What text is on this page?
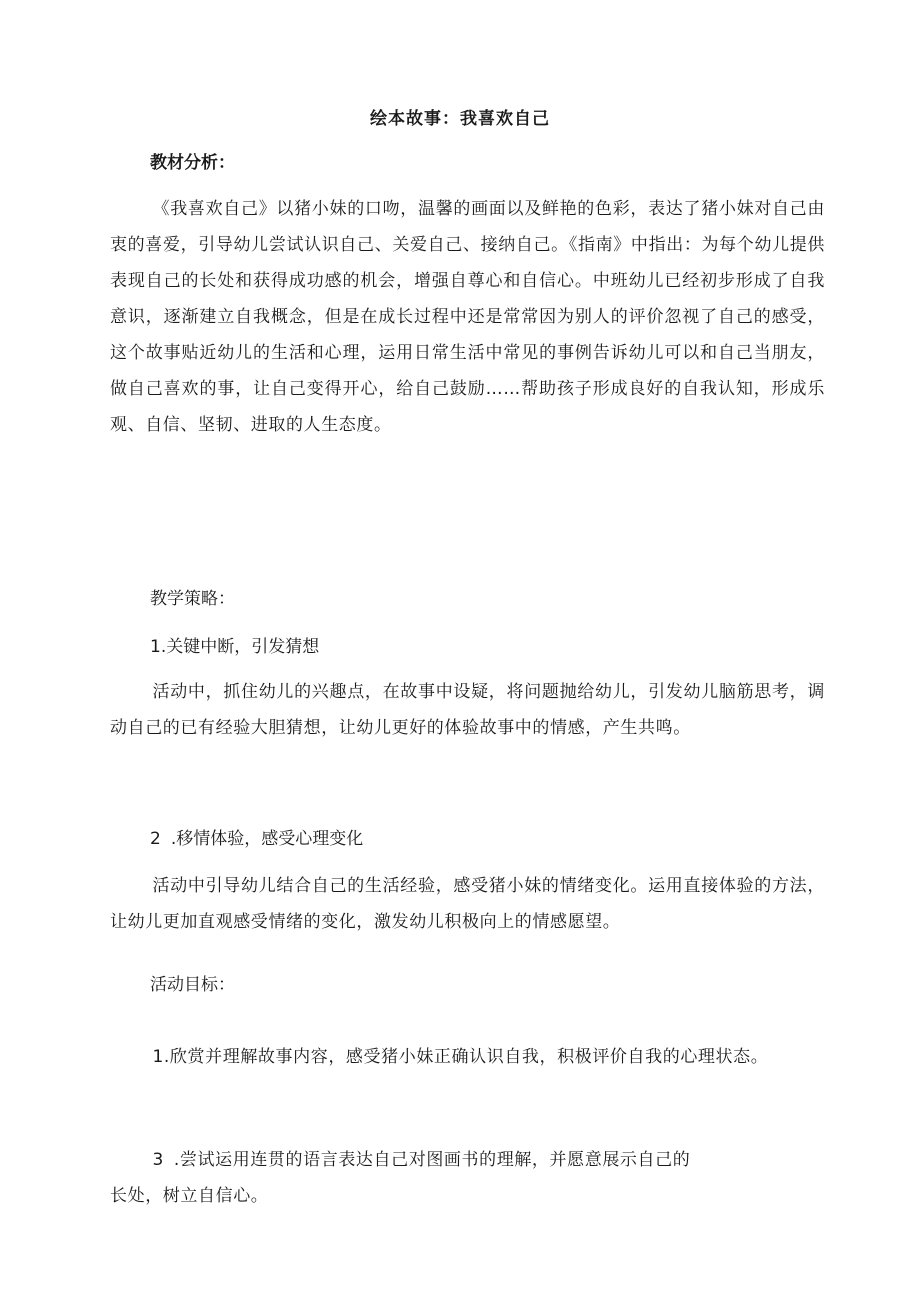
绘本故事：我喜欢自己
教材分析：

《我喜欢自己》以猪小妹的口吻，温馨的画面以及鲜艳的色彩，表达了猪小妹对自己由衷的喜爱，引导幼儿尝试认识自己、关爱自己、接纳自己。《指南》中指出：为每个幼儿提供表现自己的长处和获得成功感的机会，增强自尊心和自信心。中班幼儿已经初步形成了自我意识，逐渐建立自我概念，但是在成长过程中还是常常因为别人的评价忽视了自己的感受，这个故事贴近幼儿的生活和心理，运用日常生活中常见的事例告诉幼儿可以和自己当朋友，做自己喜欢的事，让自己变得开心，给自己鼓励……帮助孩子形成良好的自我认知，形成乐观、自信、坚韧、进取的人生态度。

教学策略：
1.关键中断，引发猜想

活动中，抓住幼儿的兴趣点，在故事中设疑，将问题抛给幼儿，引发幼儿脑筋思考，调动自己的已有经验大胆猜想，让幼儿更好的体验故事中的情感，产生共鸣。

2 .移情体验，感受心理变化

活动中引导幼儿结合自己的生活经验，感受猪小妹的情绪变化。运用直接体验的方法，让幼儿更加直观感受情绪的变化，激发幼儿积极向上的情感愿望。

活动目标：

1.欣赏并理解故事内容，感受猪小妹正确认识自我，积极评价自我的心理状态。

3 .尝试运用连贯的语言表达自己对图画书的理解，并愿意展示自己的
长处，树立自信心。
